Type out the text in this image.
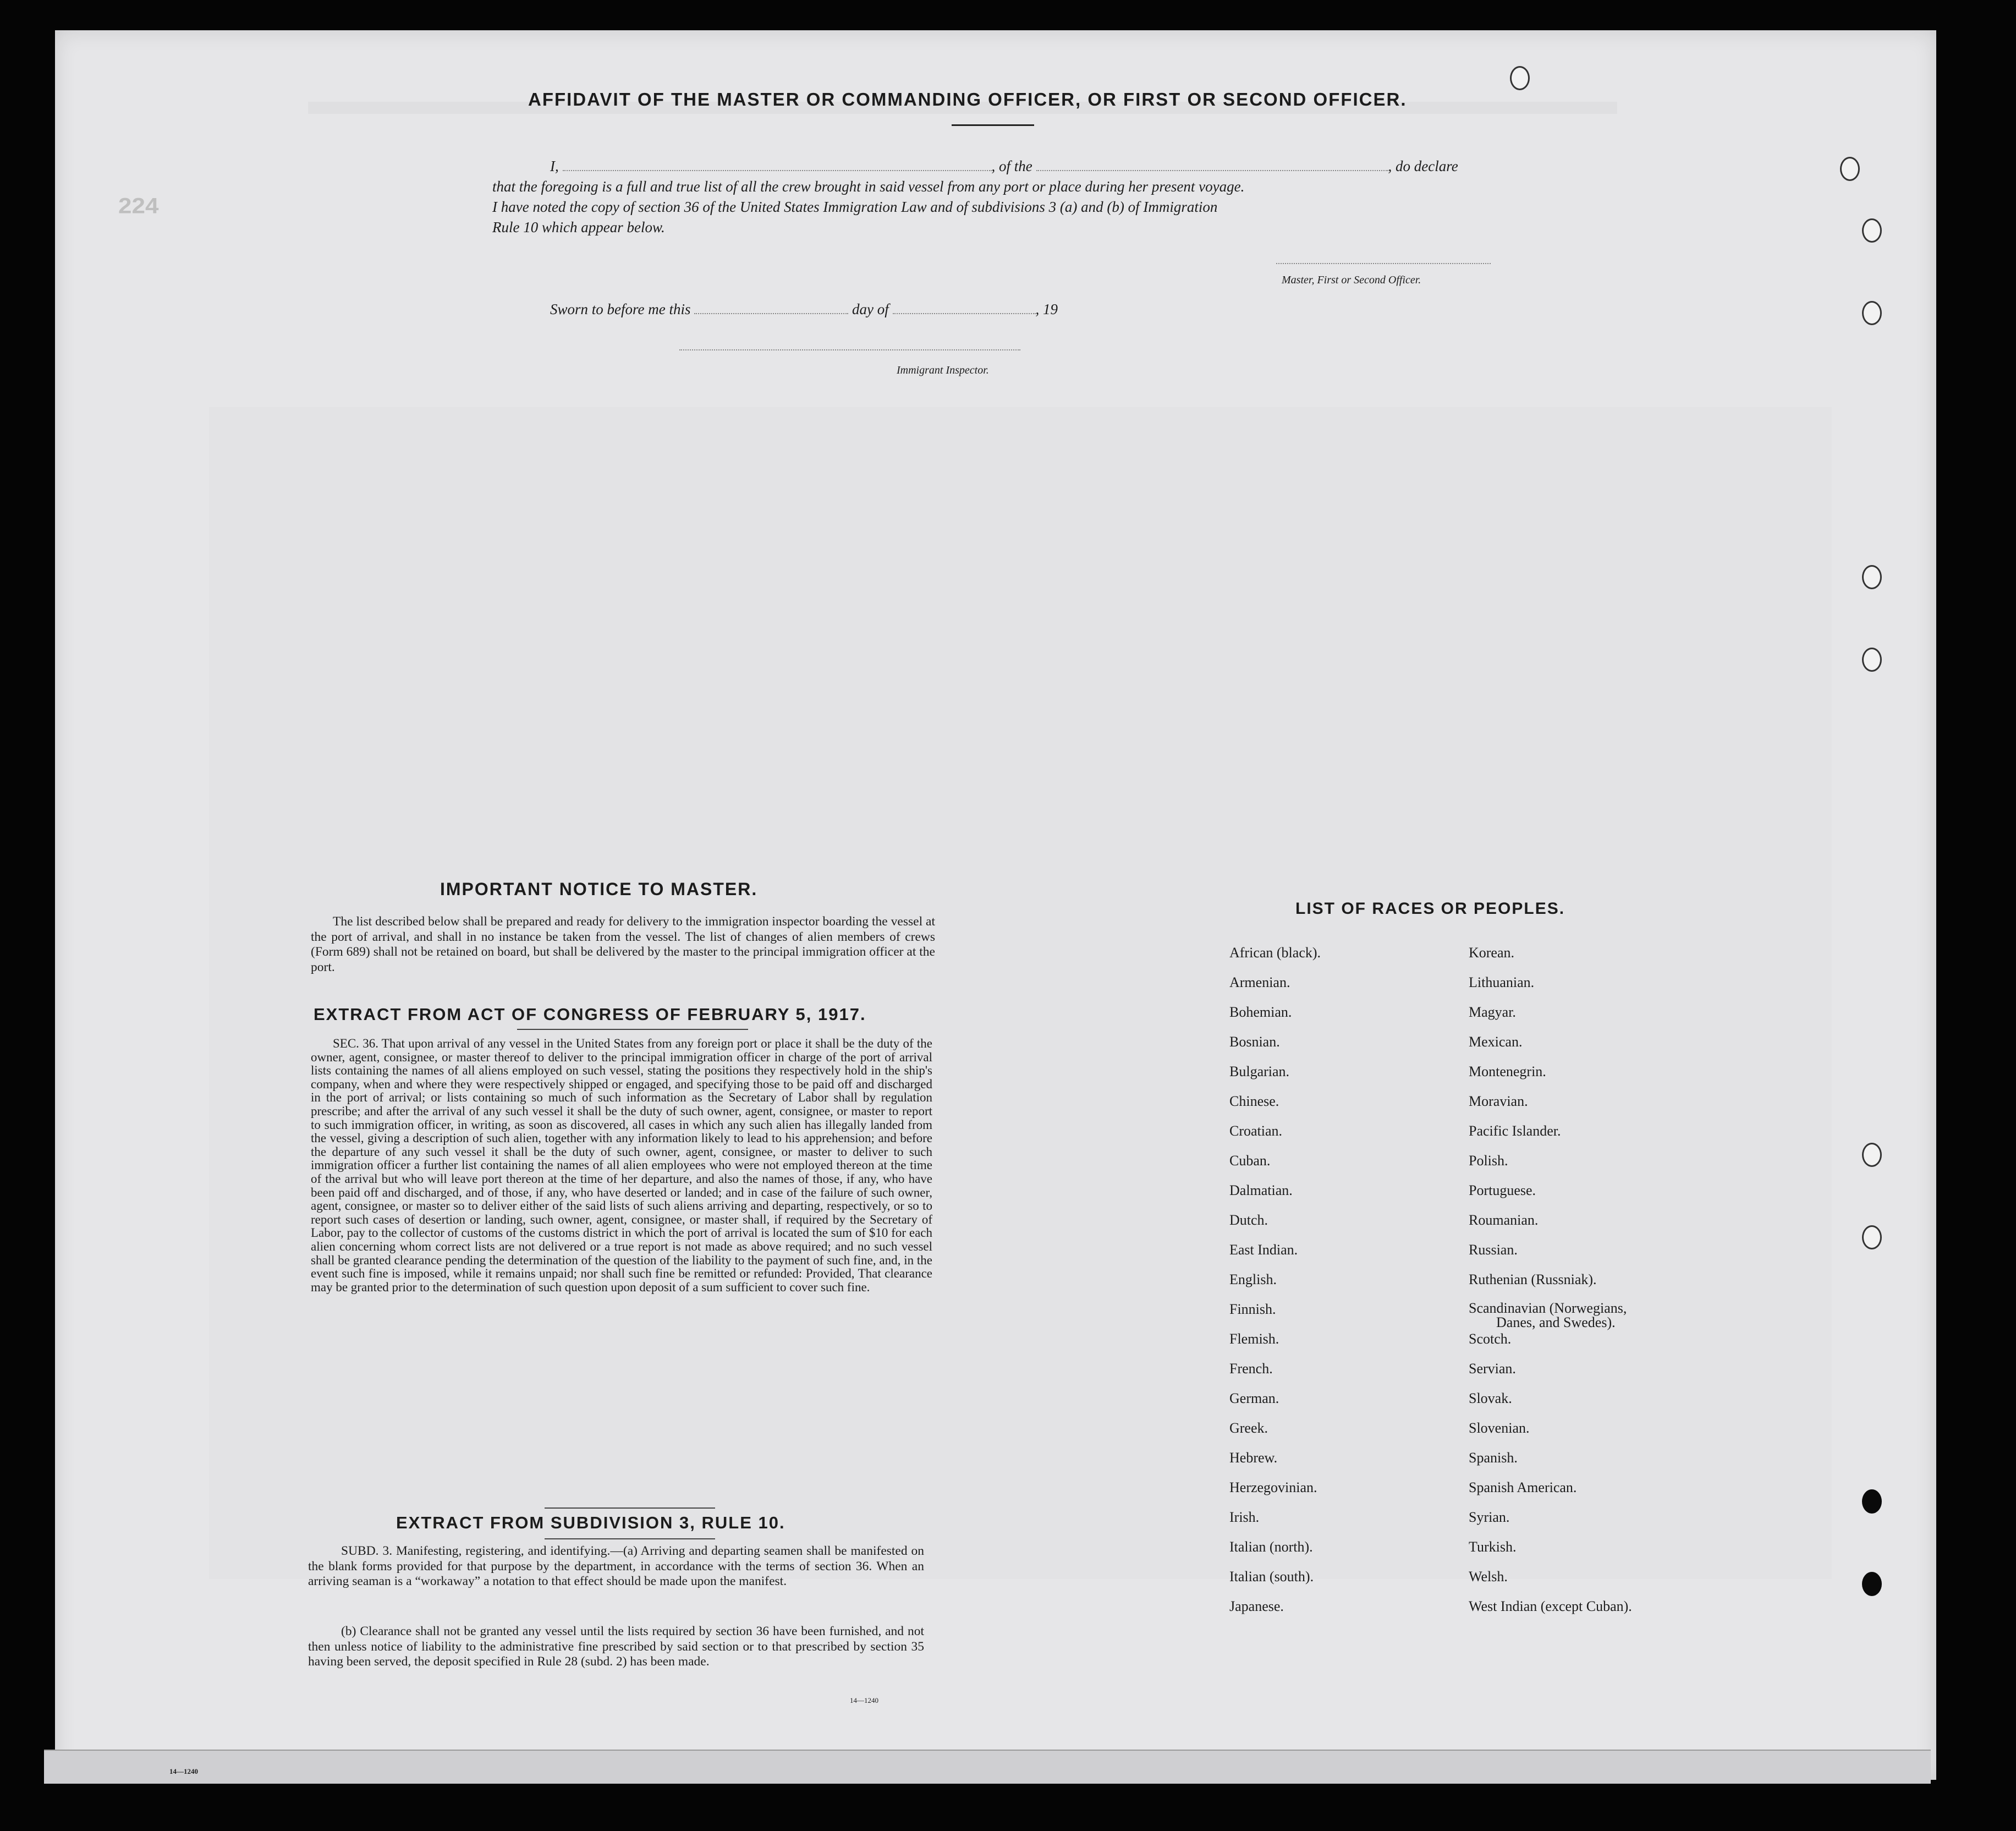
224
AFFIDAVIT OF THE MASTER OR COMMANDING OFFICER, OR FIRST OR SECOND OFFICER.
I,	, of the	, do declare
that the foregoing is a full and true list of all the crew brought in said vessel from any port or place during her present voyage.
I have noted the copy of section 36 of the United States Immigration Law and of subdivisions 3 (a) and (b) of Immigration
Rule 10 which appear below.
Master, First or Second Officer.
Sworn to before me this	day of	, 19
Immigrant Inspector.
IMPORTANT NOTICE TO MASTER.
The list described below shall be prepared and ready for delivery to the immigration inspector boarding the vessel at the port of arrival, and shall in no instance be taken from the vessel. The list of changes of alien members of crews (Form 689) shall not be retained on board, but shall be delivered by the master to the principal immigration officer at the port.
EXTRACT FROM ACT OF CONGRESS OF FEBRUARY 5, 1917.
SEC. 36. That upon arrival of any vessel in the United States from any foreign port or place it shall be the duty of the owner, agent, consignee, or master thereof to deliver to the principal immigration officer in charge of the port of arrival lists containing the names of all aliens employed on such vessel, stating the positions they respectively hold in the ship's company, when and where they were respectively shipped or engaged, and specifying those to be paid off and discharged in the port of arrival; or lists containing so much of such information as the Secretary of Labor shall by regulation prescribe; and after the arrival of any such vessel it shall be the duty of such owner, agent, consignee, or master to report to such immigration officer, in writing, as soon as discovered, all cases in which any such alien has illegally landed from the vessel, giving a description of such alien, together with any information likely to lead to his apprehension; and before the departure of any such vessel it shall be the duty of such owner, agent, consignee, or master to deliver to such immigration officer a further list containing the names of all alien employees who were not employed thereon at the time of the arrival but who will leave port thereon at the time of her departure, and also the names of those, if any, who have been paid off and discharged, and of those, if any, who have deserted or landed; and in case of the failure of such owner, agent, consignee, or master so to deliver either of the said lists of such aliens arriving and departing, respectively, or so to report such cases of desertion or landing, such owner, agent, consignee, or master shall, if required by the Secretary of Labor, pay to the collector of customs of the customs district in which the port of arrival is located the sum of $10 for each alien concerning whom correct lists are not delivered or a true report is not made as above required; and no such vessel shall be granted clearance pending the determination of the question of the liability to the payment of such fine, and, in the event such fine is imposed, while it remains unpaid; nor shall such fine be remitted or refunded: Provided, That clearance may be granted prior to the determination of such question upon deposit of a sum sufficient to cover such fine.
EXTRACT FROM SUBDIVISION 3, RULE 10.
SUBD. 3. Manifesting, registering, and identifying.—(a) Arriving and departing seamen shall be manifested on the blank forms provided for that purpose by the department, in accordance with the terms of section 36. When an arriving seaman is a “workaway” a notation to that effect should be made upon the manifest.
(b) Clearance shall not be granted any vessel until the lists required by section 36 have been furnished, and not then unless notice of liability to the administrative fine prescribed by said section or to that prescribed by section 35 having been served, the deposit specified in Rule 28 (subd. 2) has been made.
14—1240
14—1240
LIST OF RACES OR PEOPLES.
African (black).
Armenian.
Bohemian.
Bosnian.
Bulgarian.
Chinese.
Croatian.
Cuban.
Dalmatian.
Dutch.
East Indian.
English.
Finnish.
Flemish.
French.
German.
Greek.
Hebrew.
Herzegovinian.
Irish.
Italian (north).
Italian (south).
Japanese.
Korean.
Lithuanian.
Magyar.
Mexican.
Montenegrin.
Moravian.
Pacific Islander.
Polish.
Portuguese.
Roumanian.
Russian.
Ruthenian (Russniak).
Scandinavian (Norwegians,
Danes, and Swedes).
Scotch.
Servian.
Slovak.
Slovenian.
Spanish.
Spanish American.
Syrian.
Turkish.
Welsh.
West Indian (except Cuban).
